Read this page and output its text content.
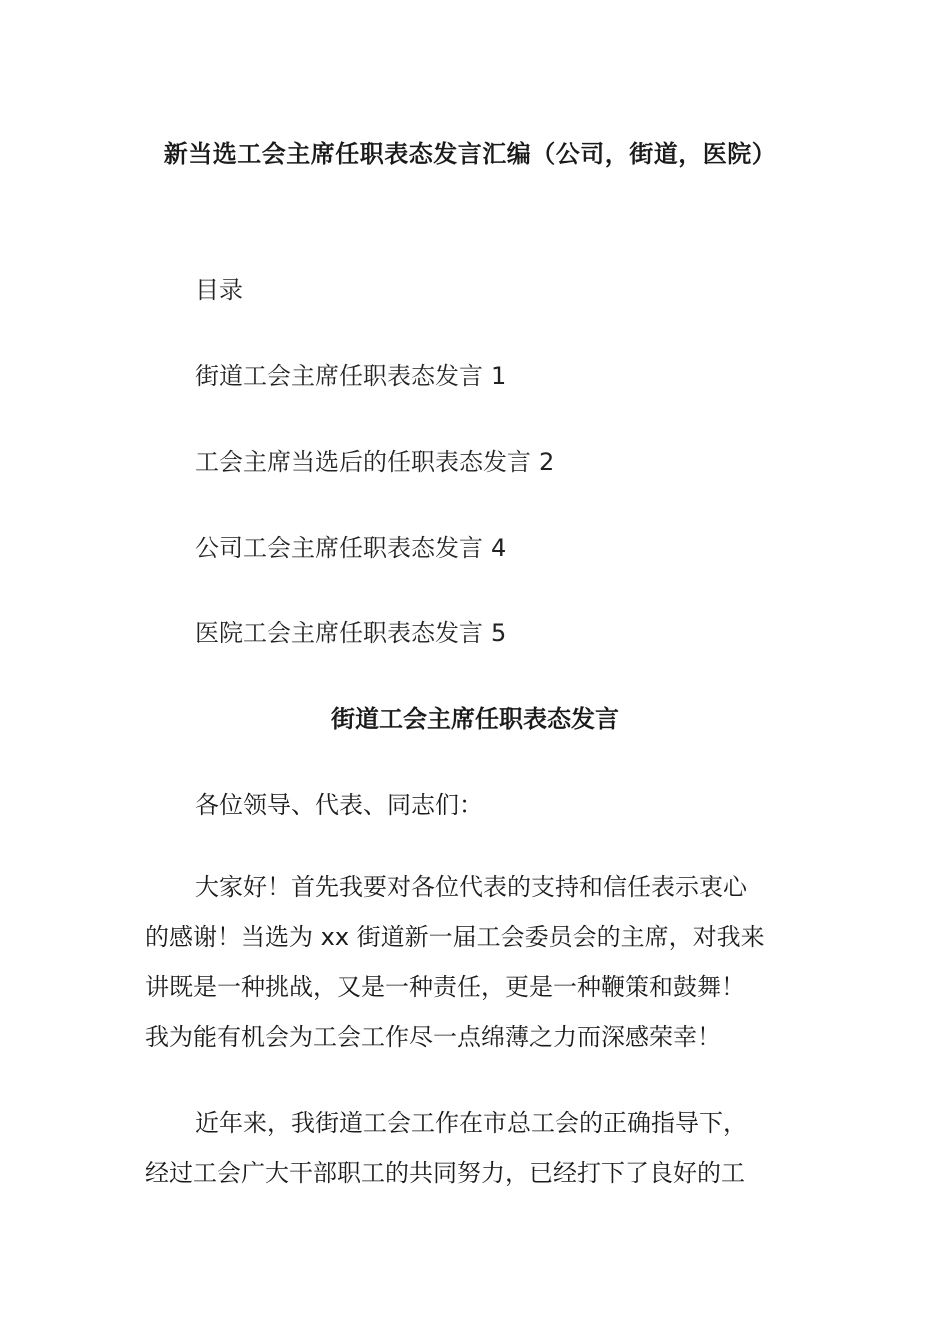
新当选工会主席任职表态发言汇编（公司，街道，医院）
目录
街道工会主席任职表态发言 1
工会主席当选后的任职表态发言 2
公司工会主席任职表态发言 4
医院工会主席任职表态发言 5
街道工会主席任职表态发言
各位领导、代表、同志们：
大家好！首先我要对各位代表的支持和信任表示衷心
的感谢！当选为 xx 街道新一届工会委员会的主席，对我来
讲既是一种挑战，又是一种责任，更是一种鞭策和鼓舞！
我为能有机会为工会工作尽一点绵薄之力而深感荣幸！
近年来，我街道工会工作在市总工会的正确指导下，
经过工会广大干部职工的共同努力，已经打下了良好的工
